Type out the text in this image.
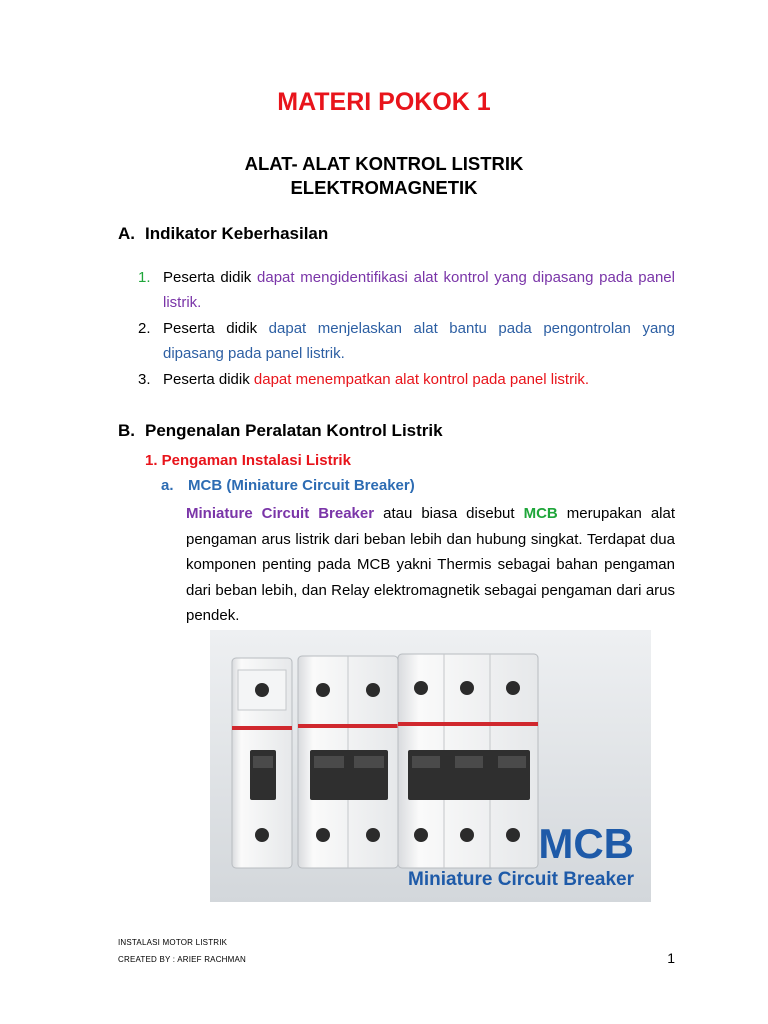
MATERI POKOK 1
ALAT- ALAT KONTROL LISTRIK
ELEKTROMAGNETIK
A. Indikator Keberhasilan
1. Peserta didik dapat mengidentifikasi alat kontrol yang dipasang pada panel listrik.
2. Peserta didik dapat menjelaskan alat bantu pada pengontrolan yang dipasang pada panel listrik.
3. Peserta didik dapat menempatkan alat kontrol pada panel listrik.
B. Pengenalan Peralatan Kontrol Listrik
1. Pengaman Instalasi Listrik
a. MCB (Miniature Circuit Breaker)
Miniature Circuit Breaker atau biasa disebut MCB merupakan alat pengaman arus listrik dari beban lebih dan hubung singkat. Terdapat dua komponen penting pada MCB yakni Thermis sebagai bahan pengaman dari beban lebih, dan Relay elektromagnetik sebagai pengaman dari arus pendek.
MCB
Miniature Circuit Breaker
INSTALASI MOTOR LISTRIK
CREATED BY : ARIEF RACHMAN	1
